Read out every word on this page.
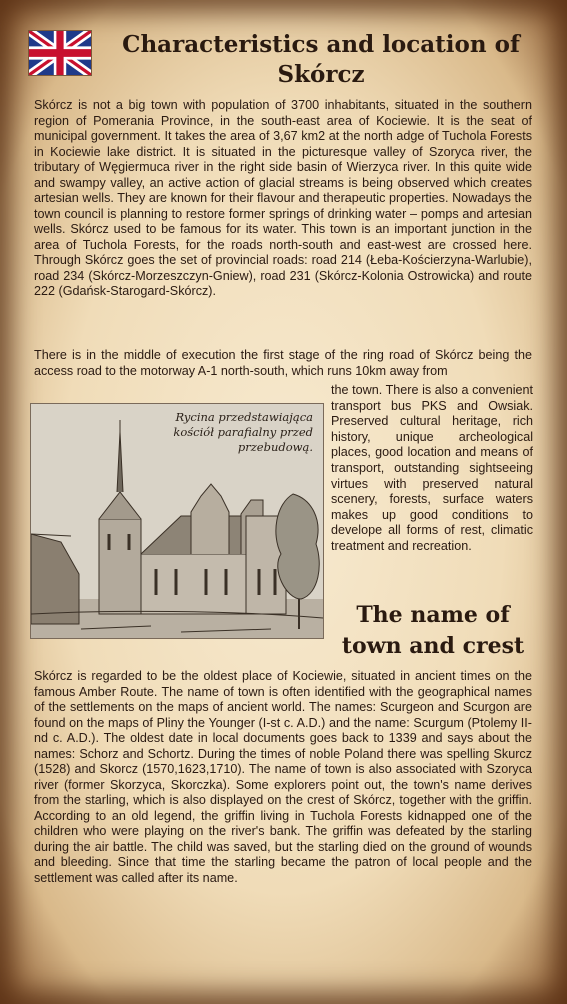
Characteristics and location of Skórcz

Skórcz is not a big town with population of 3700 inhabitants, situated in the southern region of Pomerania Province, in the south-east area of Kociewie. It is the seat of municipal government. It takes the area of 3,67 km2 at the north adge of Tuchola Forests in Kociewie lake district. It is situated in the picturesque valley of Szoryca river, the tributary of Węgiermuca river in the right side basin of Wierzyca river. In this quite wide and swampy valley, an active action of glacial streams is being observed which creates artesian wells. They are known for their flavour and therapeutic properties. Nowadays the town council is planning to restore former springs of drinking water – pomps and artesian wells. Skórcz used to be famous for its water. This town is an important junction in the area of Tuchola Forests, for the roads north-south and east-west are crossed here. Through Skórcz goes the set of provincial roads: road 214 (Łeba-Kościerzyna-Warlubie), road 234 (Skórcz-Morzeszczyn-Gniew), road 231 (Skórcz-Kolonia Ostrowicka) and route 222 (Gdańsk-Starogard-Skórcz).

There is in the middle of execution the first stage of the ring road of Skórcz being the access road to the motorway A-1 north-south, which runs 10km away from

Rycina przedstawiająca kościół parafialny przed przebudową.

the town. There is also a convenient transport bus PKS and Owsiak. Preserved cultural heritage, rich history, unique archeological places, good location and means of transport, outstanding sightseeing virtues with preserved natural scenery, forests, surface waters makes up good conditions to develope all forms of rest, climatic treatment and recreation.

The name of town and crest

Skórcz is regarded to be the oldest place of Kociewie, situated in ancient times on the famous Amber Route. The name of town is often identified with the geographical names of the settlements on the maps of ancient world. The names: Scurgeon and Scurgon are found on the maps of Pliny the Younger (I-st c. A.D.) and the name: Scurgum (Ptolemy II-nd c. A.D.). The oldest date in local documents goes back to 1339 and says about the names: Schorz and Schortz. During the times of noble Poland there was spelling Skurcz (1528) and Skorcz (1570,1623,1710). The name of town is also associated with Szoryca river (former Skorzyca, Skorczka). Some explorers point out, the town's name derives from the starling, which is also displayed on the crest of Skórcz, together with the griffin. According to an old legend, the griffin living in Tuchola Forests kidnapped one of the children who were playing on the river's bank. The griffin was defeated by the starling during the air battle. The child was saved, but the starling died on the ground of wounds and bleeding. Since that time the starling became the patron of local people and the settlement was called after its name.
